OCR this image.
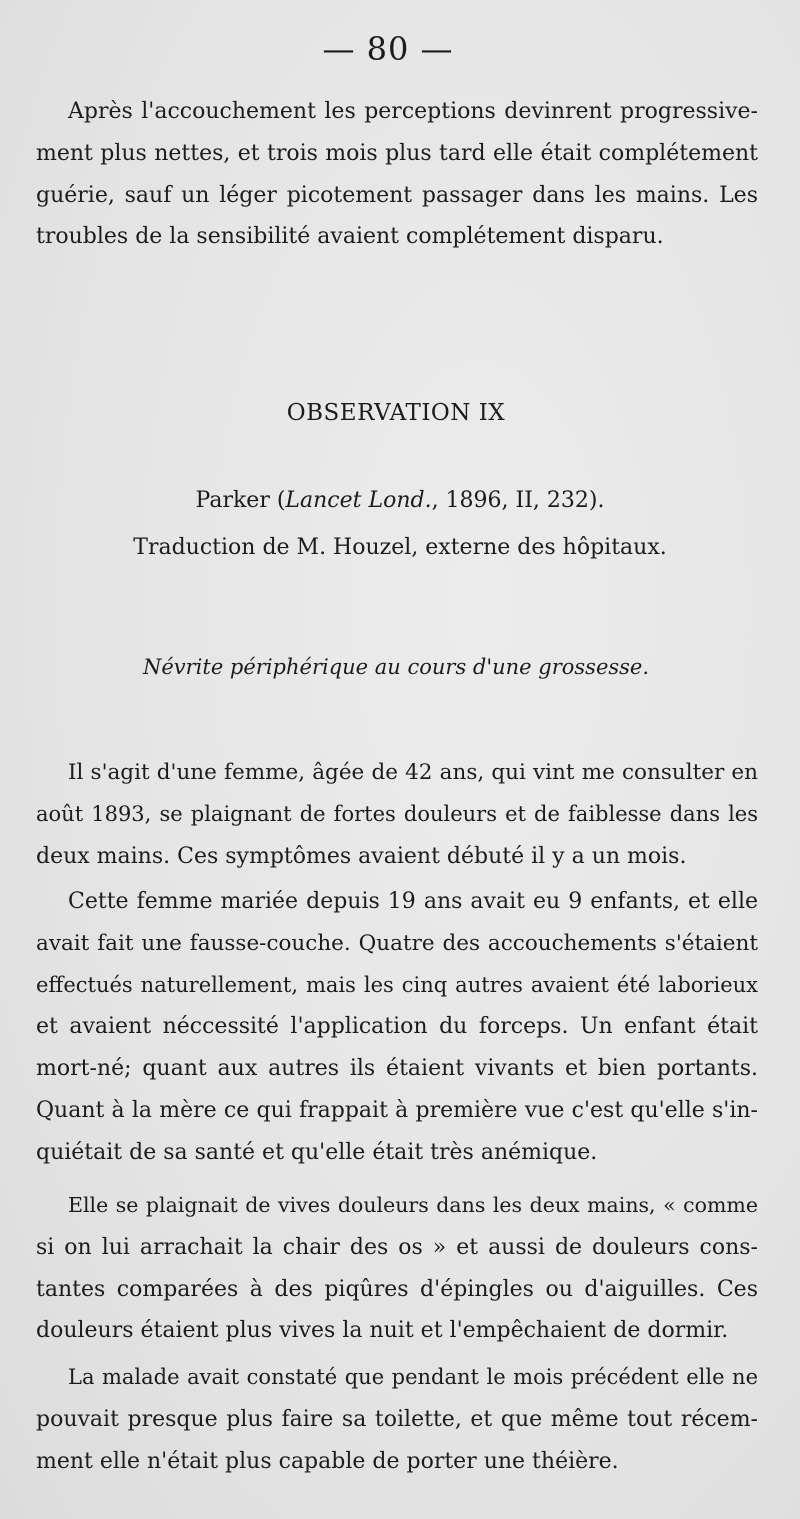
— 80 —
Après l'accouchement les perceptions devinrent progressive-
ment plus nettes, et trois mois plus tard elle était complétement
guérie, sauf un léger picotement passager dans les mains. Les
troubles de la sensibilité avaient complétement disparu.
OBSERVATION IX
Parker (Lancet Lond., 1896, II, 232).
Traduction de M. Houzel, externe des hôpitaux.
Névrite périphérique au cours d'une grossesse.
Il s'agit d'une femme, âgée de 42 ans, qui vint me consulter en
août 1893, se plaignant de fortes douleurs et de faiblesse dans les
deux mains. Ces symptômes avaient débuté il y a un mois.
Cette femme mariée depuis 19 ans avait eu 9 enfants, et elle
avait fait une fausse-couche. Quatre des accouchements s'étaient
effectués naturellement, mais les cinq autres avaient été laborieux
et avaient néccessité l'application du forceps. Un enfant était
mort-né; quant aux autres ils étaient vivants et bien portants.
Quant à la mère ce qui frappait à première vue c'est qu'elle s'in-
quiétait de sa santé et qu'elle était très anémique.
Elle se plaignait de vives douleurs dans les deux mains, « comme
si on lui arrachait la chair des os » et aussi de douleurs cons-
tantes comparées à des piqûres d'épingles ou d'aiguilles. Ces
douleurs étaient plus vives la nuit et l'empêchaient de dormir.
La malade avait constaté que pendant le mois précédent elle ne
pouvait presque plus faire sa toilette, et que même tout récem-
ment elle n'était plus capable de porter une théière.
